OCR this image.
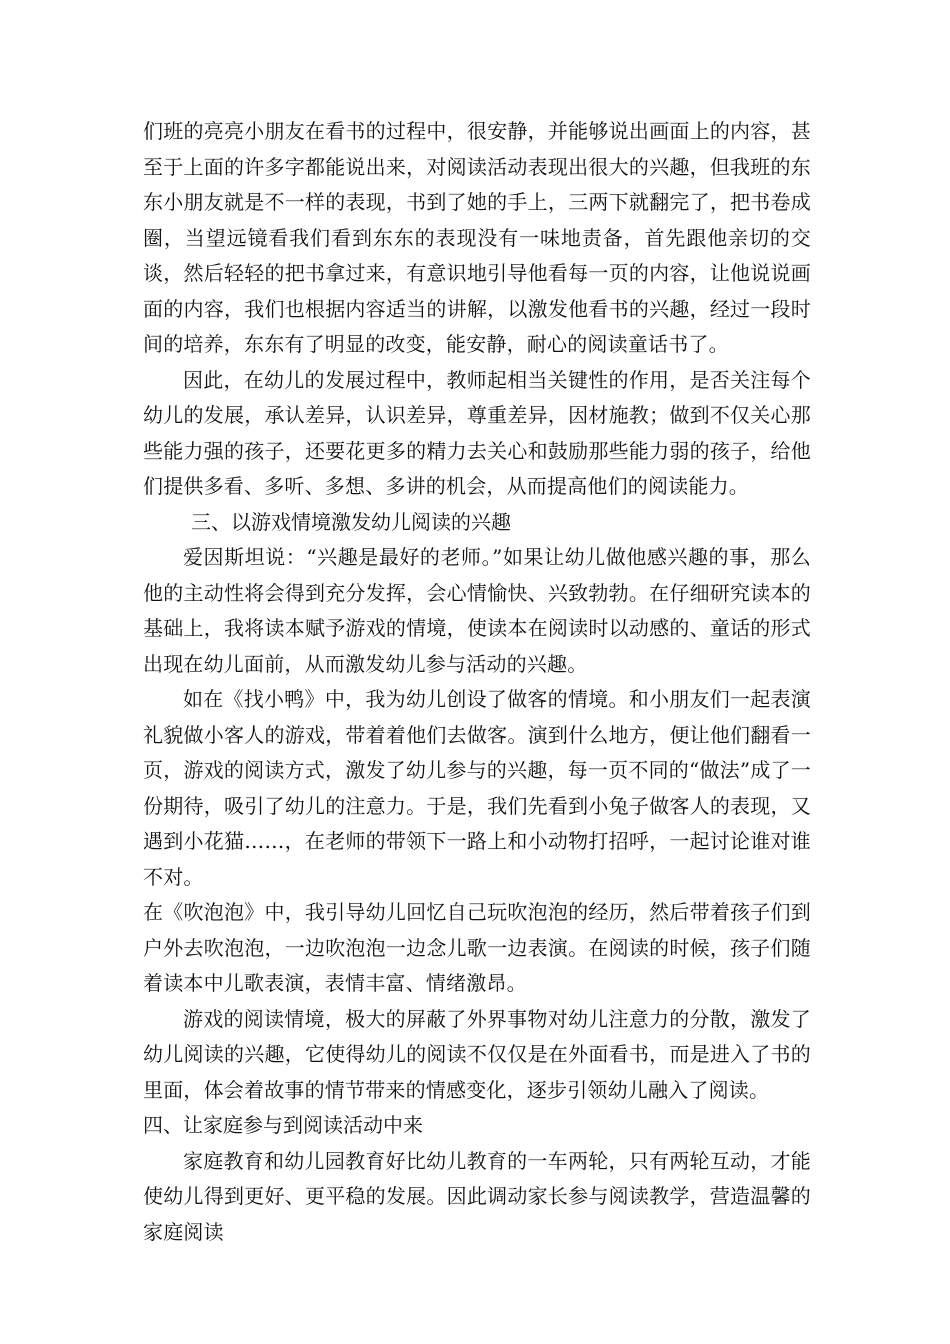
们班的亮亮小朋友在看书的过程中，很安静，并能够说出画面上的内容，甚至于上面的许多字都能说出来，对阅读活动表现出很大的兴趣，但我班的东东小朋友就是不一样的表现，书到了她的手上，三两下就翻完了，把书卷成圈，当望远镜看我们看到东东的表现没有一味地责备，首先跟他亲切的交谈，然后轻轻的把书拿过来，有意识地引导他看每一页的内容，让他说说画面的内容，我们也根据内容适当的讲解，以激发他看书的兴趣，经过一段时间的培养，东东有了明显的改变，能安静，耐心的阅读童话书了。

因此，在幼儿的发展过程中，教师起相当关键性的作用，是否关注每个幼儿的发展，承认差异，认识差异，尊重差异，因材施教；做到不仅关心那些能力强的孩子，还要花更多的精力去关心和鼓励那些能力弱的孩子，给他们提供多看、多听、多想、多讲的机会，从而提高他们的阅读能力。

三、以游戏情境激发幼儿阅读的兴趣

爱因斯坦说：“兴趣是最好的老师。”如果让幼儿做他感兴趣的事，那么他的主动性将会得到充分发挥，会心情愉快、兴致勃勃。在仔细研究读本的基础上，我将读本赋予游戏的情境，使读本在阅读时以动感的、童话的形式出现在幼儿面前，从而激发幼儿参与活动的兴趣。

如在《找小鸭》中，我为幼儿创设了做客的情境。和小朋友们一起表演礼貌做小客人的游戏，带着着他们去做客。演到什么地方，便让他们翻看一页，游戏的阅读方式，激发了幼儿参与的兴趣，每一页不同的“做法”成了一份期待，吸引了幼儿的注意力。于是，我们先看到小兔子做客人的表现，又遇到小花猫……，在老师的带领下一路上和小动物打招呼，一起讨论谁对谁不对。

在《吹泡泡》中，我引导幼儿回忆自己玩吹泡泡的经历，然后带着孩子们到户外去吹泡泡，一边吹泡泡一边念儿歌一边表演。在阅读的时候，孩子们随着读本中儿歌表演，表情丰富、情绪激昂。

游戏的阅读情境，极大的屏蔽了外界事物对幼儿注意力的分散，激发了幼儿阅读的兴趣，它使得幼儿的阅读不仅仅是在外面看书，而是进入了书的里面，体会着故事的情节带来的情感变化，逐步引领幼儿融入了阅读。

四、让家庭参与到阅读活动中来

家庭教育和幼儿园教育好比幼儿教育的一车两轮，只有两轮互动，才能使幼儿得到更好、更平稳的发展。因此调动家长参与阅读教学，营造温馨的家庭阅读
